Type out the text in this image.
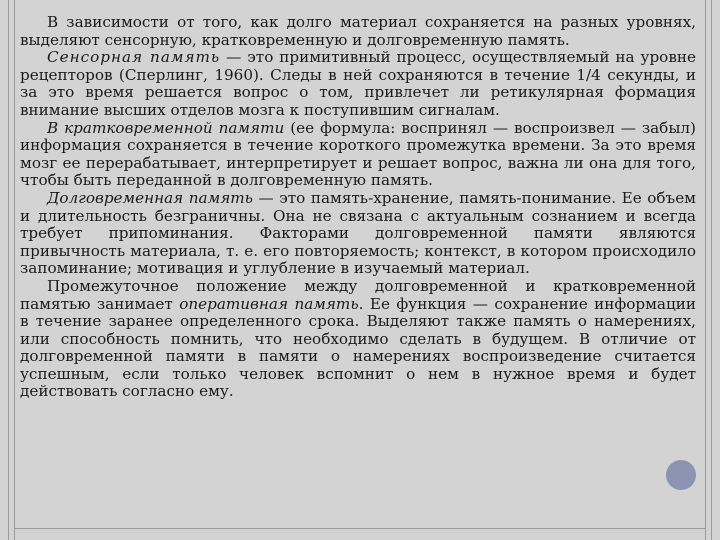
В зависимости от того, как долго материал сохраняется на разных уровнях, выделяют сенсорную, кратковременную и долговременную память.

Сенсорная память — это примитивный процесс, осуществляемый на уровне рецепторов (Сперлинг, 1960). Следы в ней сохраняются в течение 1/4 секунды, и за это время решается вопрос о том, привлечет ли ретикулярная формация внимание высших отделов мозга к поступившим сигналам.

В кратковременной памяти (ее формула: воспринял — воспроизвел — забыл) информация сохраняется в течение короткого промежутка времени. За это время мозг ее перерабатывает, интерпретирует и решает вопрос, важна ли она для того, чтобы быть переданной в долговременную память.

Долговременная память — это память-хранение, память-понимание. Ее объем и длительность безграничны. Она не связана с актуальным сознанием и всегда требует припоминания. Факторами долговременной памяти являются привычность материала, т. е. его повторяемость; контекст, в котором происходило запоминание; мотивация и углубление в изучаемый материал.

Промежуточное положение между долговременной и кратковременной памятью занимает оперативная память. Ее функция — сохранение информации в течение заранее определенного срока. Выделяют также память о намерениях, или способность помнить, что необходимо сделать в будущем. В отличие от долговременной памяти в памяти о намерениях воспроизведение считается успешным, если только человек вспомнит о нем в нужное время и будет действовать согласно ему.
